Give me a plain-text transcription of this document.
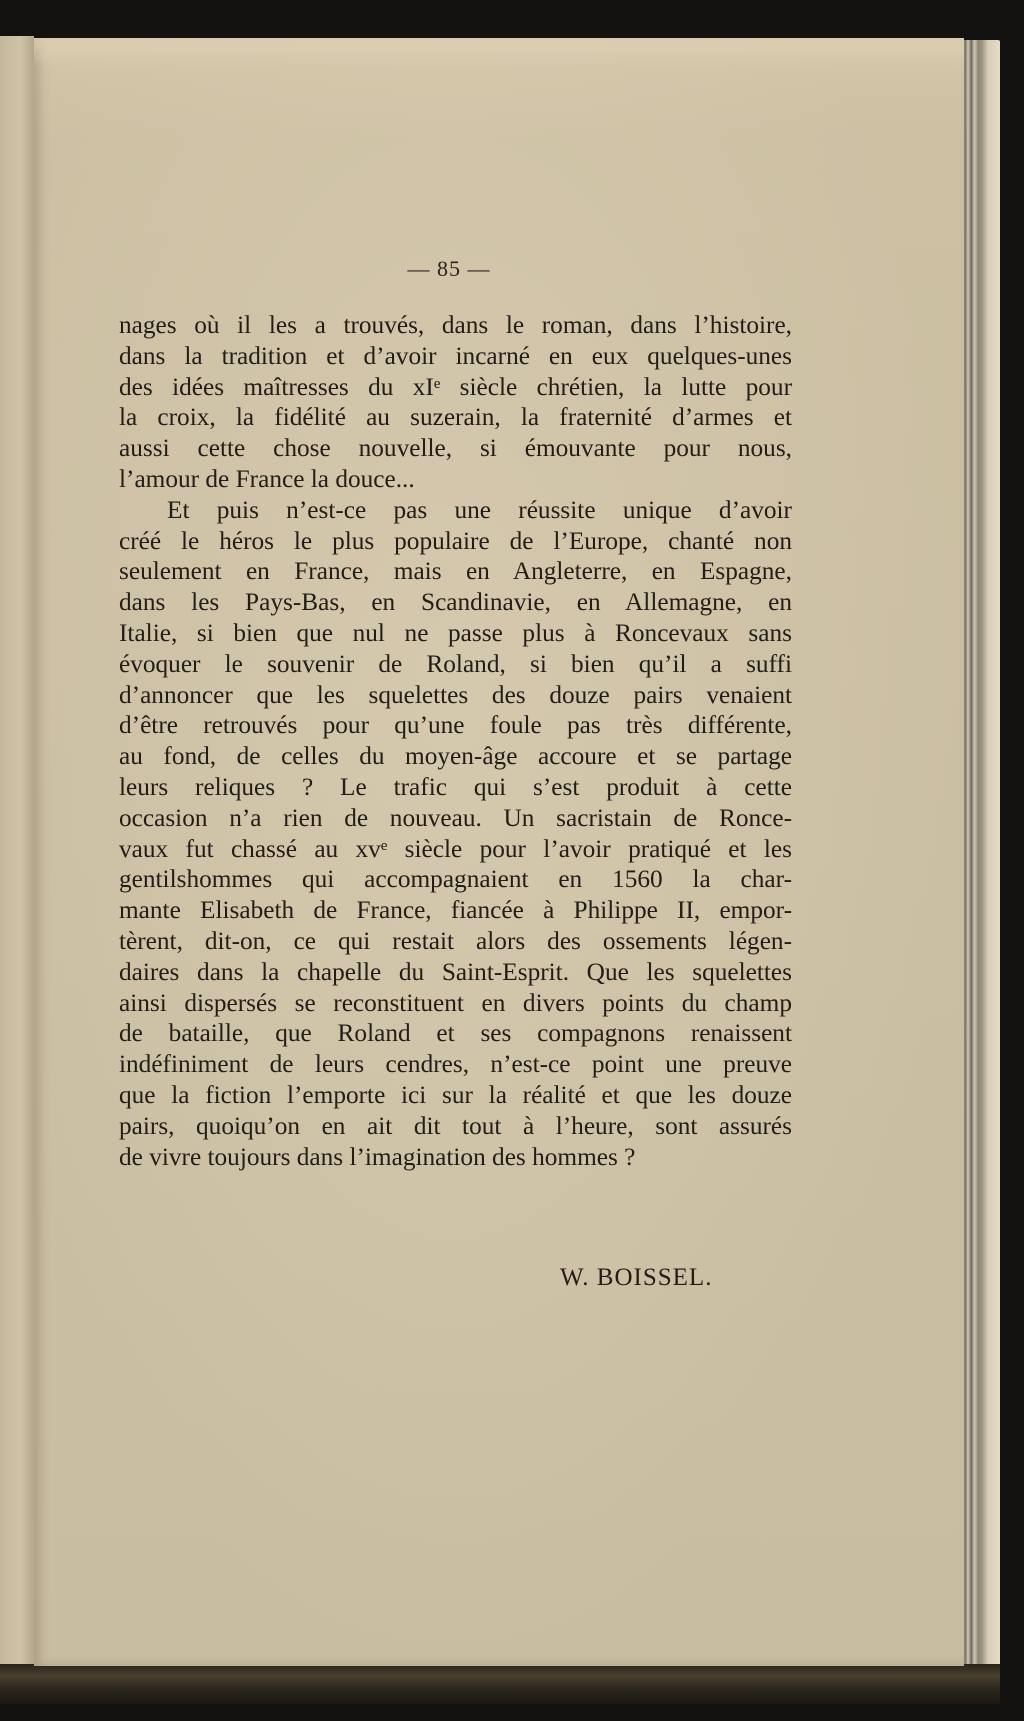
— 85 —
nages où il les a trouvés, dans le roman, dans l’histoire,
dans la tradition et d’avoir incarné en eux quelques-unes
des idées maîtresses du xIᵉ siècle chrétien, la lutte pour
la croix, la fidélité au suzerain, la fraternité d’armes et
aussi cette chose nouvelle, si émouvante pour nous,
l’amour de France la douce...
Et puis n’est-ce pas une réussite unique d’avoir
créé le héros le plus populaire de l’Europe, chanté non
seulement en France, mais en Angleterre, en Espagne,
dans les Pays-Bas, en Scandinavie, en Allemagne, en
Italie, si bien que nul ne passe plus à Roncevaux sans
évoquer le souvenir de Roland, si bien qu’il a suffi
d’annoncer que les squelettes des douze pairs venaient
d’être retrouvés pour qu’une foule pas très différente,
au fond, de celles du moyen-âge accoure et se partage
leurs reliques ? Le trafic qui s’est produit à cette
occasion n’a rien de nouveau. Un sacristain de Ronce-
vaux fut chassé au xvᵉ siècle pour l’avoir pratiqué et les
gentilshommes qui accompagnaient en 1560 la char-
mante Elisabeth de France, fiancée à Philippe II, empor-
tèrent, dit-on, ce qui restait alors des ossements légen-
daires dans la chapelle du Saint-Esprit. Que les squelettes
ainsi dispersés se reconstituent en divers points du champ
de bataille, que Roland et ses compagnons renaissent
indéfiniment de leurs cendres, n’est-ce point une preuve
que la fiction l’emporte ici sur la réalité et que les douze
pairs, quoiqu’on en ait dit tout à l’heure, sont assurés
de vivre toujours dans l’imagination des hommes ?
W. BOISSEL.
